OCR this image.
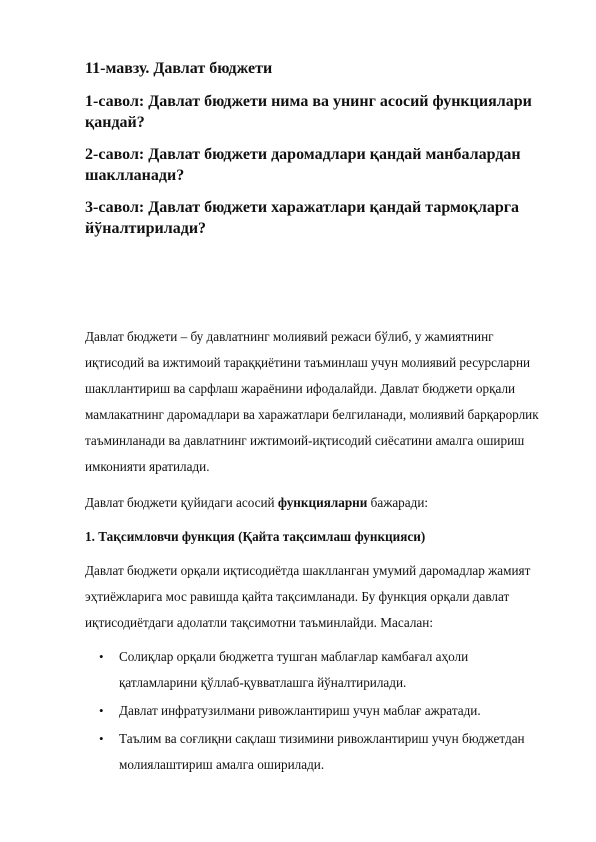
11-мавзу. Давлат бюджети
1-савол: Давлат бюджети нима ва унинг асосий функциялари қандай?
2-савол: Давлат бюджети даромадлари қандай манбалардан шаклланади?
3-савол: Давлат бюджети харажатлари қандай тармоқларга йўналтирилади?

Давлат бюджети – бу давлатнинг молиявий режаси бўлиб, у жамиятнинг иқтисодий ва ижтимоий тараққиётини таъминлаш учун молиявий ресурсларни шакллантириш ва сарфлаш жараёнини ифодалайди. Давлат бюджети орқали мамлакатнинг даромадлари ва харажатлари белгиланади, молиявий барқарорлик таъминланади ва давлатнинг ижтимоий-иқтисодий сиёсатини амалга ошириш имконияти яратилади.

Давлат бюджети қуйидаги асосий функцияларни бажаради:

1. Тақсимловчи функция (Қайта тақсимлаш функцияси)

Давлат бюджети орқали иқтисодиётда шаклланган умумий даромадлар жамият эҳтиёжларига мос равишда қайта тақсимланади. Бу функция орқали давлат иқтисодиётдаги адолатли тақсимотни таъминлайди. Масалан:

• Солиқлар орқали бюджетга тушган маблағлар камбағал аҳоли қатламларини қўллаб-қувватлашга йўналтирилади.
• Давлат инфратузилмани ривожлантириш учун маблағ ажратади.
• Таълим ва соғлиқни сақлаш тизимини ривожлантириш учун бюджетдан молиялаштириш амалга оширилади.
